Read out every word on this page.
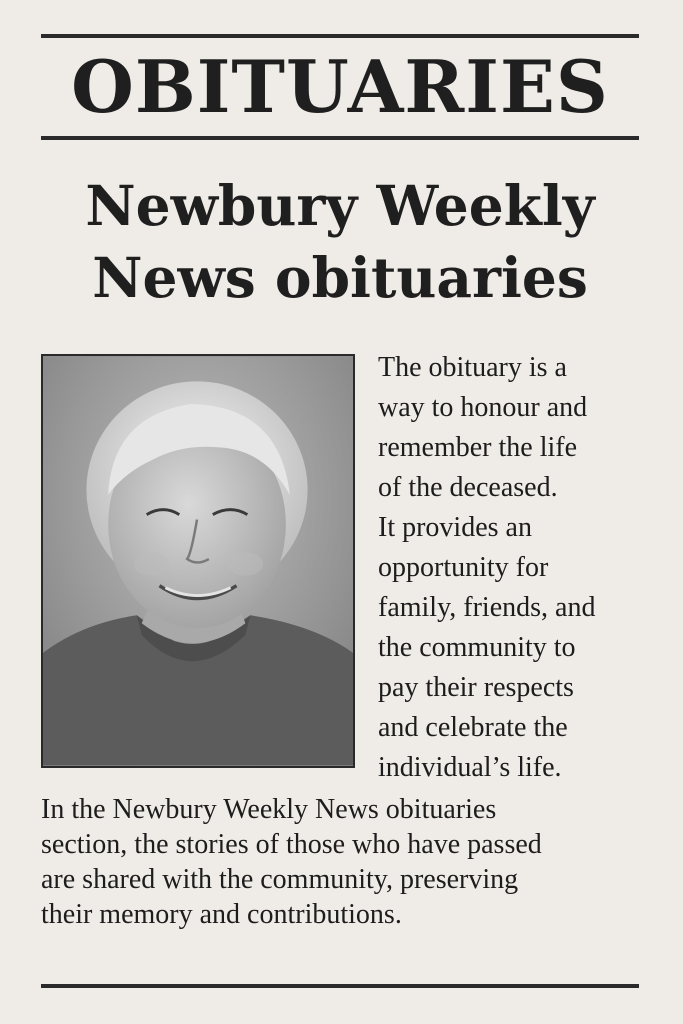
OBITUARIES
Newbury Weekly
News obituaries
The obituary is a
way to honour and
remember the life
of the deceased.
It provides an
opportunity for
family, friends, and
the community to
pay their respects
and celebrate the
individual’s life.
In the Newbury Weekly News obituaries
section, the stories of those who have passed
are shared with the community, preserving
their memory and contributions.
